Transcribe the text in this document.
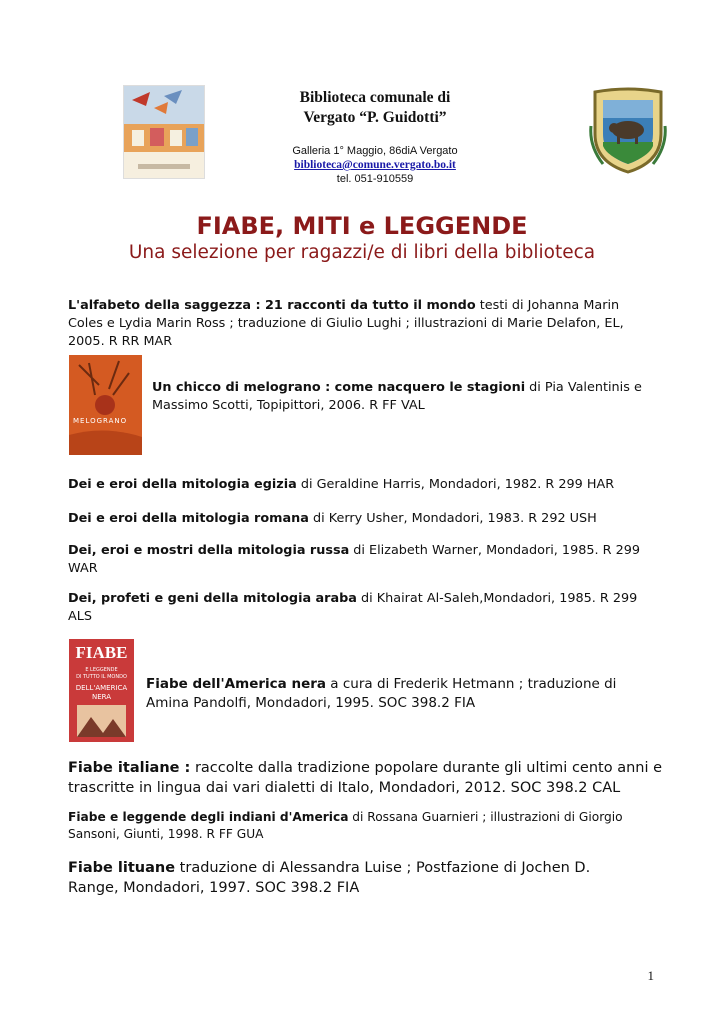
Biblioteca comunale di
Vergato “P. Guidotti”
Galleria 1° Maggio, 86diA Vergato
biblioteca@comune.vergato.bo.it
tel. 051-910559
FIABE, MITI e LEGGENDE
Una selezione per ragazzi/e di libri della biblioteca
L'alfabeto della saggezza : 21 racconti da tutto il mondo testi di Johanna Marin Coles e Lydia Marin Ross ; traduzione di Giulio Lughi ; illustrazioni di Marie Delafon, EL, 2005. R RR MAR
MELOGRANO
Un chicco di melograno : come nacquero le stagioni di Pia Valentinis e Massimo Scotti, Topipittori, 2006. R FF VAL
Dei e eroi della mitologia egizia di Geraldine Harris, Mondadori, 1982. R 299 HAR
Dei e eroi della mitologia romana di Kerry Usher, Mondadori, 1983. R 292 USH
Dei, eroi e mostri della mitologia russa di Elizabeth Warner, Mondadori, 1985. R 299 WAR
Dei, profeti e geni della mitologia araba di Khairat Al-Saleh,Mondadori, 1985. R 299 ALS
FIABE
E LEGGENDE
DI TUTTO IL MONDO
DELL'AMERICA
NERA
Fiabe dell'America nera a cura di Frederik Hetmann ; traduzione di Amina Pandolfi, Mondadori, 1995. SOC 398.2 FIA
Fiabe italiane : raccolte dalla tradizione popolare durante gli ultimi cento anni e trascritte in lingua dai vari dialetti di Italo, Mondadori, 2012. SOC 398.2 CAL
Fiabe e leggende degli indiani d'America di Rossana Guarnieri ; illustrazioni di Giorgio Sansoni, Giunti, 1998. R FF GUA
Fiabe lituane traduzione di Alessandra Luise ; Postfazione di Jochen D. Range, Mondadori, 1997. SOC 398.2 FIA
1
